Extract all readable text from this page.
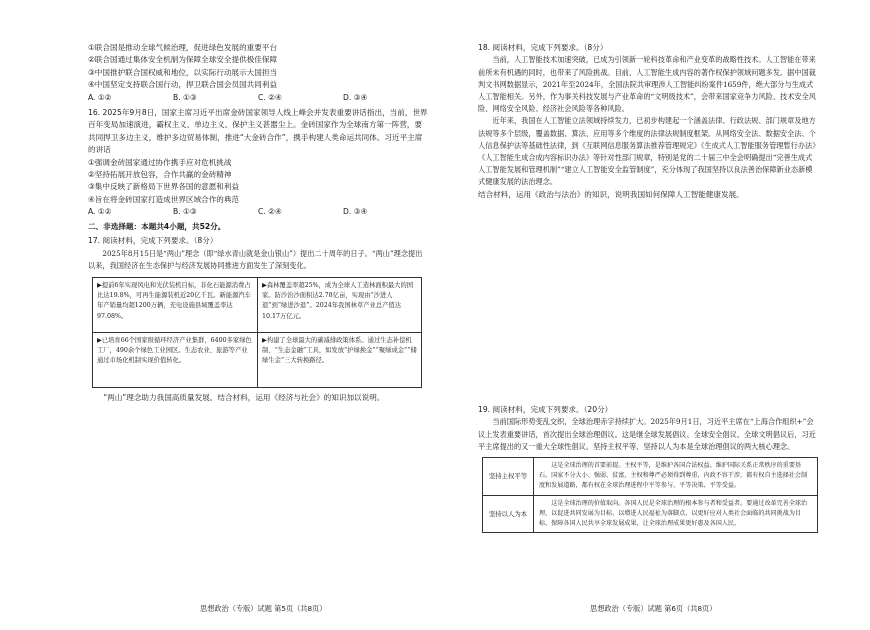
①联合国是推动全球气候治理，促进绿色发展的重要平台

②联合国通过集体安全机制为保障全球安全提供极佳保障

③中国推护联合国权威和地位，以实际行动展示大国担当

④中国坚定支持联合国行动，捍卫联合国会员国共同利益

A. ①②	B. ①③	C. ②④	D. ③④

16. 2025年9月8日，国家主席习近平出席金砖国家领导人线上峰会并发表重要讲话指出，当前，世界百年变局加速演进，霸权主义、单边主义、保护主义甚嚣尘上。金砖国家作为全球南方第一阵营，要共同捍卫多边主义，维护多边贸易体制，推进“大金砖合作”，携手构建人类命运共同体。习近平主席的讲话

①强调金砖国家通过协作携手应对危机挑战

②坚持拓展开放包容，合作共赢的金砖精神

③集中反映了新格局下世界各国的意愿和利益

④旨在将金砖国家打造成世界区域合作的典范

A. ①②	B. ①③	C. ②④	D. ③④

二、非选择题：本题共4小题，共52分。

17. 阅读材料，完成下列要求。（8分）

2025年8月15日是“两山”理念（即“绿水青山就是金山银山”）提出二十周年的日子。“两山”理念提出以来，我国经济在生态保护与经济发展协同推进方面发生了深刻变化。

▶提前6年实现风电和光伏装机目标，非化石能源消费占比达19.8%，可再生能源装机近20亿千瓦。新能源汽车年产销量均超1200万辆，充电设施县域覆盖率达97.08%。
▶森林覆盖率超25%，成为全球人工造林面积最大的国家。防沙治沙面积达2.78亿亩，实现由“沙进人退”到“绿进沙退”。2024年我国林草产业总产值达10.17万亿元。
▶已培育66个国家级循环经济产业集群，6400多家绿色工厂，490余个绿色工业园区。生态农业、旅游等产业通过市场化机制实现价值转化。
▶构建了全球最大的碳减排政策体系。通过生态补偿机制、“生态金融”工具，如发放“护绿换金”“聚绿成金”“储绿生金”三大转换路径。

“两山”理念助力我国高质量发展。结合材料，运用《经济与社会》的知识加以说明。

18. 阅读材料，完成下列要求。（8分）

当前，人工智能技术加速突破，已成为引领新一轮科技革命和产业变革的战略性技术。人工智能在带来前所未有机遇的同时，也带来了风险挑战。目前，人工智能生成内容的著作权保护领域问题多发。据中国裁判文书网数据显示，2021年至2024年，全国法院共审理涉人工智能纠纷案件1659件，绝大部分与生成式人工智能相关。另外，作为事关科技发展与产业革命的“文明级技术”，会带来国家竞争力风险、技术安全风险、网络安全风险、经济社会风险等各种风险。

近年来，我国在人工智能立法领域持续发力，已初步构建起一个涵盖法律、行政法规、部门规章及地方法规等多个层级，覆盖数据、算法、应用等多个维度的法律法规制度框架。从网络安全法、数据安全法、个人信息保护法等基础性法律，到《互联网信息服务算法推荐管理规定》《生成式人工智能服务管理暂行办法》《人工智能生成合成内容标识办法》等针对性部门规章，特别是党的二十届三中全会明确提出“完善生成式人工智能发展和管理机制”“建立人工智能安全监管制度”，充分体现了我国坚持以良法善治保障新业态新模式健康发展的法治理念。

结合材料，运用《政治与法治》的知识，说明我国如何保障人工智能健康发展。

19. 阅读材料，完成下列要求。（20分）

当前国际形势变乱交织，全球治理赤字持续扩大。2025年9月1日，习近平主席在“上海合作组织+”会议上发表重要讲话，首次提出全球治理倡议。这是继全球发展倡议、全球安全倡议、全球文明倡议后，习近平主席提出的又一重大全球性倡议。坚持主权平等、坚持以人为本是全球治理倡议的两大核心理念。

坚持主权平等
这是全球治理的首要前提。主权平等，是维护各国合法权益、维护国际关系正常秩序的重要基石。国家不分大小、强弱、贫富，主权和尊严必须得到尊重，内政不容干涉，都有权自主选择社会制度和发展道路，都有权在全球治理进程中平等参与、平等决策、平等受益。
坚持以人为本
这是全球治理的价值取向。各国人民是全球治理的根本参与者和受益者。要通过改革完善全球治理，以促进共同发展为目标，以增进人民福祉为落脚点，以更好应对人类社会面临的共同挑战为目标，保障各国人民共享全球发展成果，让全球治理成果更好惠及各国人民。
思想政治（专版）试题 第5页（共8页）	思想政治（专版）试题 第6页（共8页）
